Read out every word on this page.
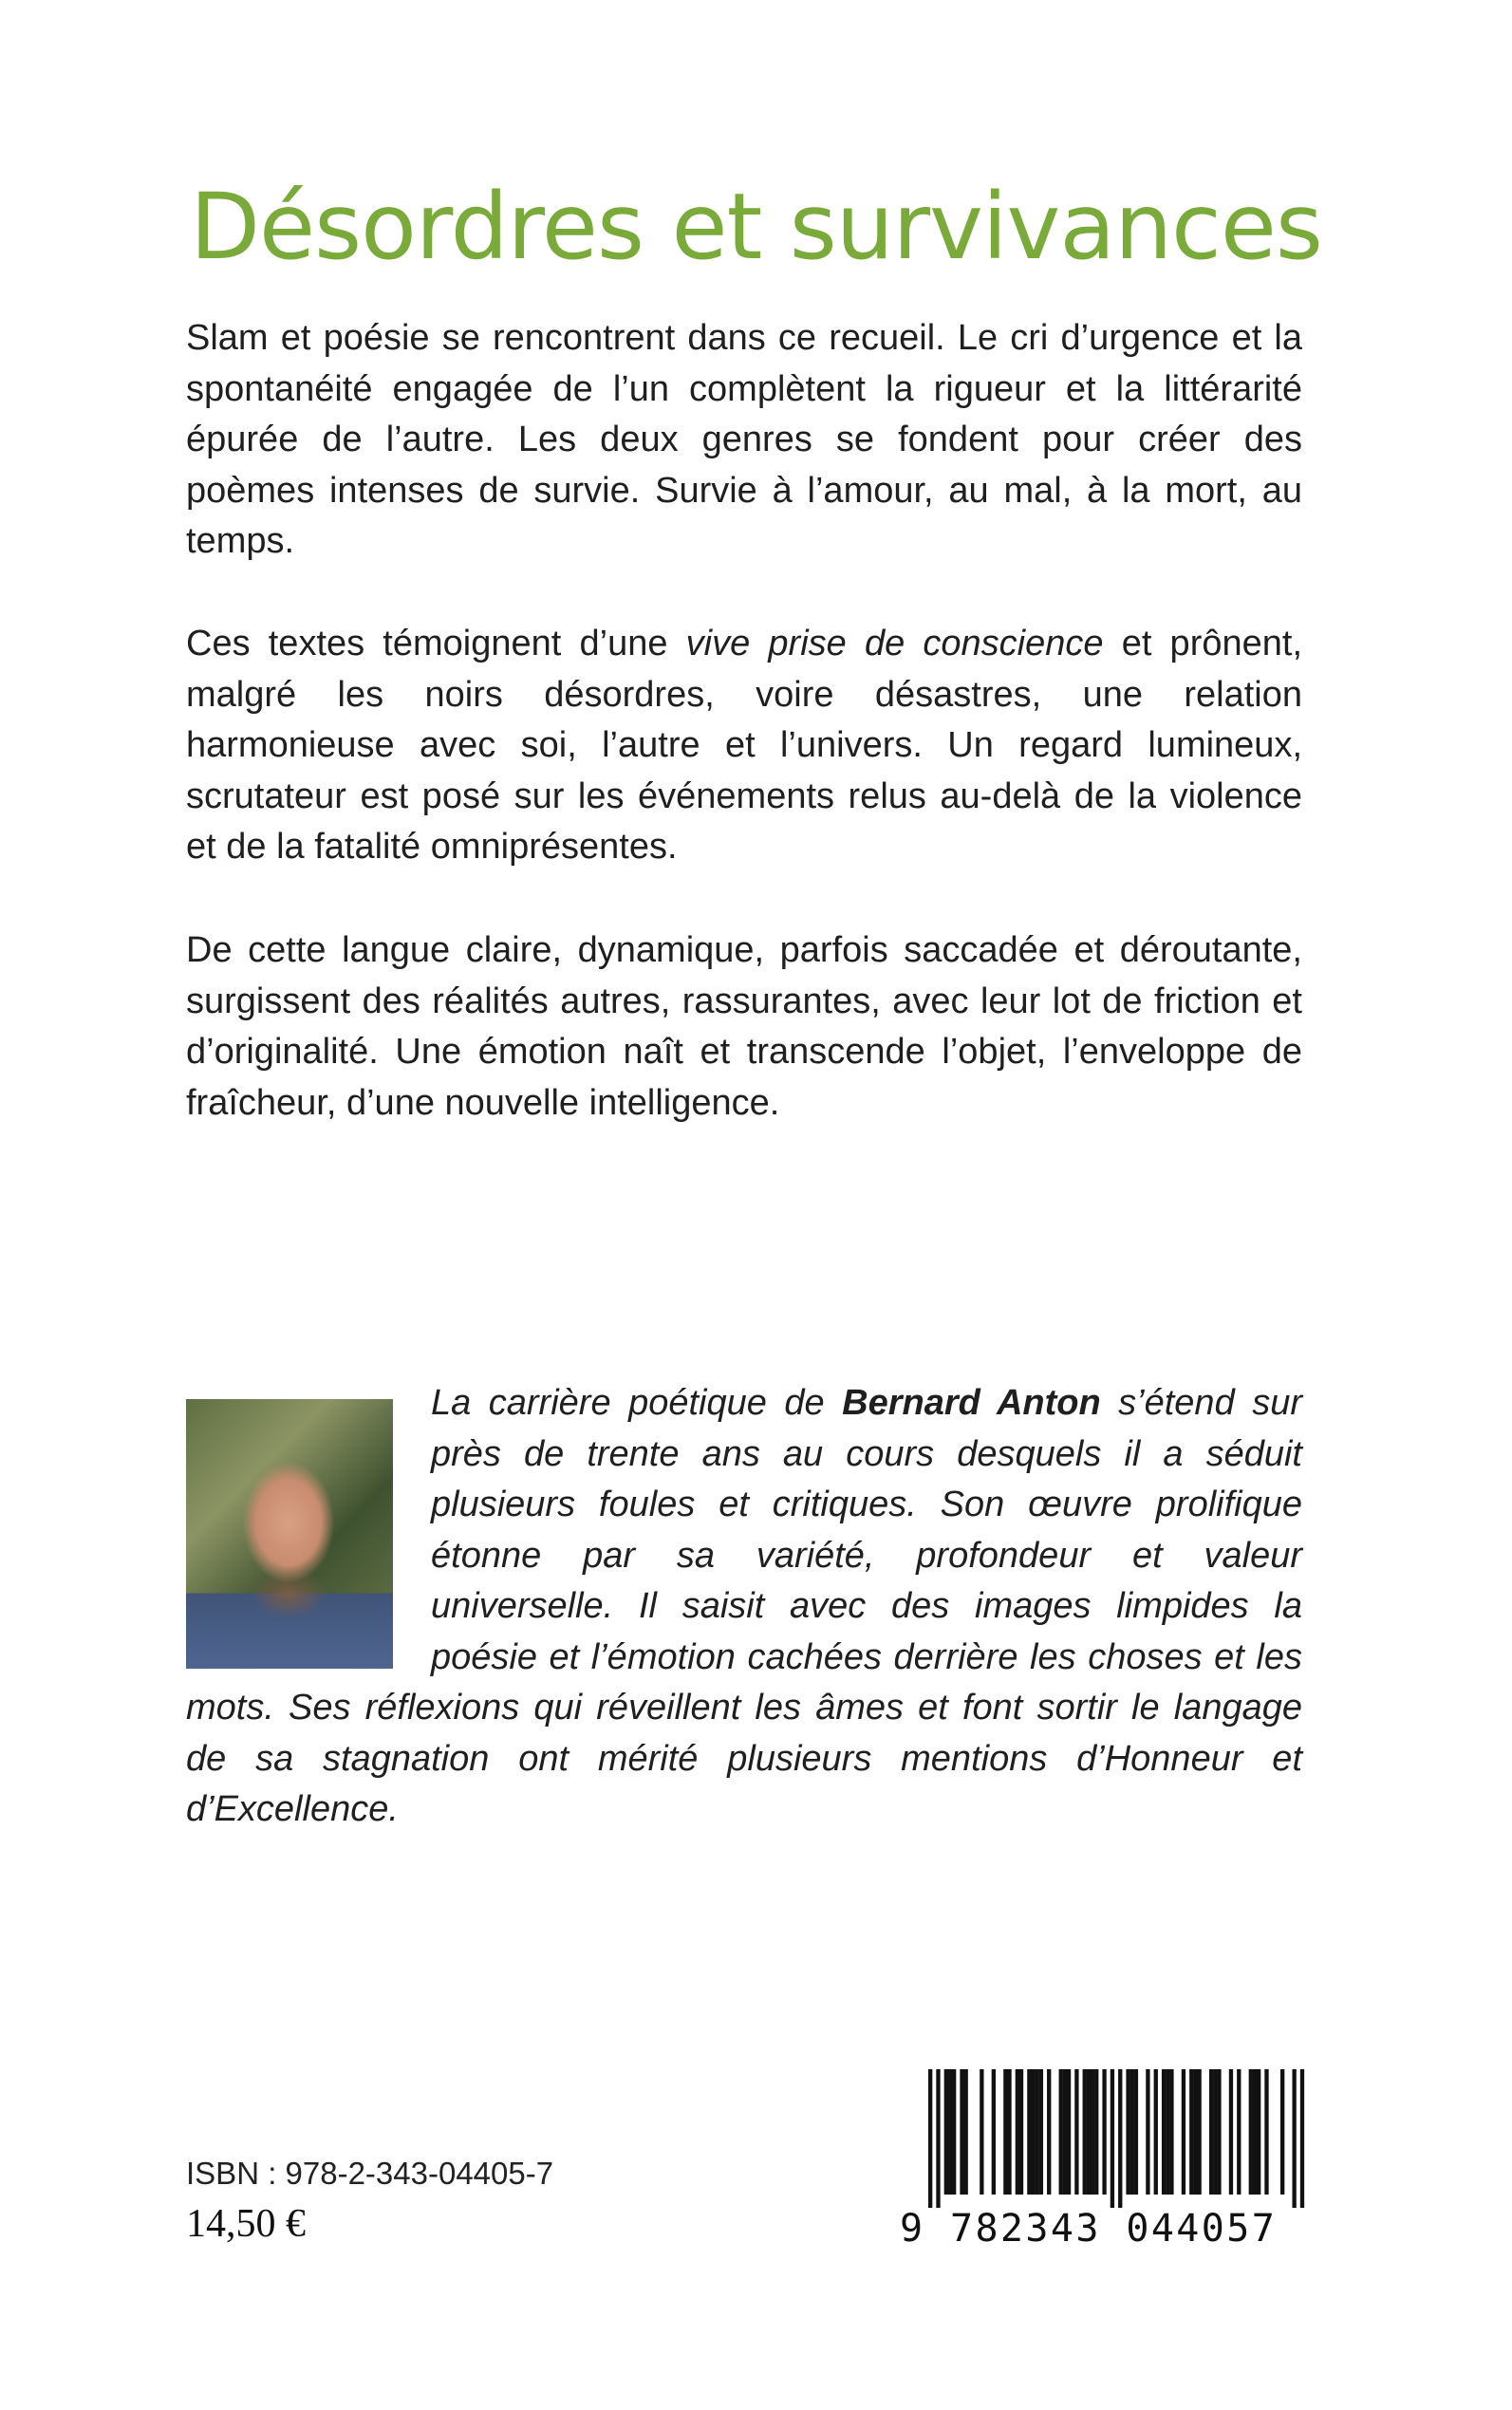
Désordres et survivances

Slam et poésie se rencontrent dans ce recueil. Le cri d’urgence et la spontanéité engagée de l’un complètent la rigueur et la littérarité épurée de l’autre. Les deux genres se fondent pour créer des poèmes intenses de survie. Survie à l’amour, au mal, à la mort, au temps.

Ces textes témoignent d’une vive prise de conscience et prônent, malgré les noirs désordres, voire désastres, une relation harmonieuse avec soi, l’autre et l’univers. Un regard lumineux, scrutateur est posé sur les événements relus au-delà de la violence et de la fatalité omniprésentes.

De cette langue claire, dynamique, parfois saccadée et déroutante, surgissent des réalités autres, rassurantes, avec leur lot de friction et d’originalité. Une émotion naît et transcende l’objet, l’enveloppe de fraîcheur, d’une nouvelle intelligence.

La carrière poétique de Bernard Anton s’étend sur près de trente ans au cours desquels il a séduit plusieurs foules et critiques. Son œuvre prolifique étonne par sa variété, profondeur et valeur universelle. Il saisit avec des images limpides la poésie et l’émotion cachées derrière les choses et les mots. Ses réflexions qui réveillent les âmes et font sortir le langage de sa stagnation ont mérité plusieurs mentions d’Honneur et d’Excellence.

ISBN : 978-2-343-04405-7
14,50 €	9 782343 044057
